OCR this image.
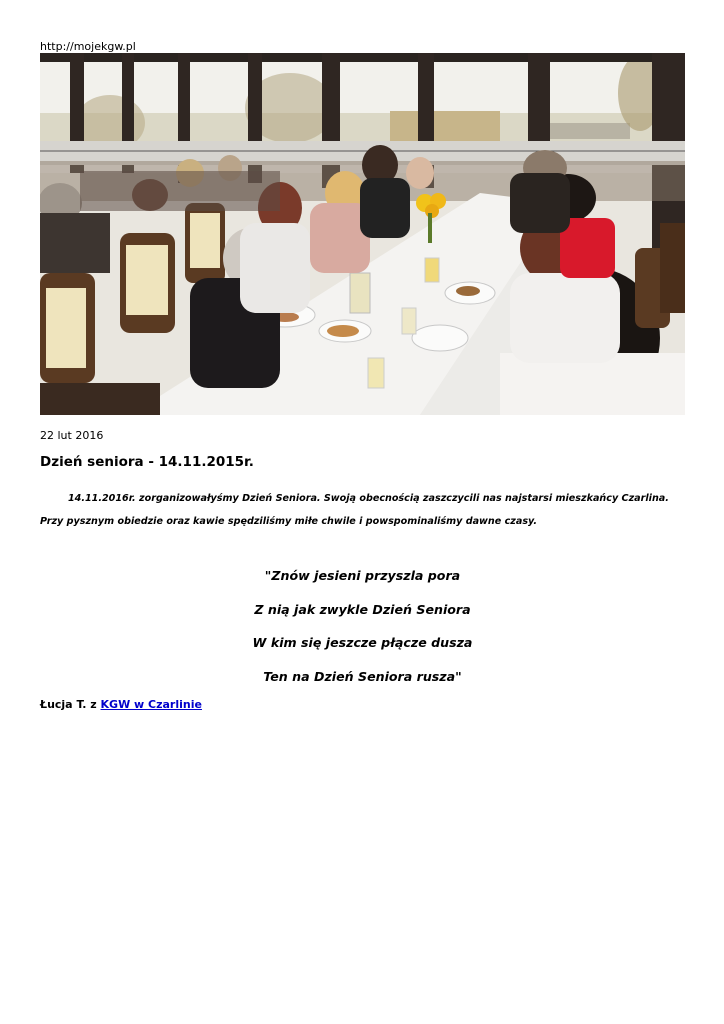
http://mojekgw.pl
22 lut 2016
Dzień seniora - 14.11.2015r.

14.11.2016r. zorganizowałyśmy Dzień Seniora. Swoją obecnością zaszczycili nas najstarsi mieszkańcy Czarlina.
Przy pysznym obiedzie oraz kawie spędziliśmy miłe chwile i powspominaliśmy dawne czasy.

"Znów jesieni przyszla pora
Z nią jak zwykle Dzień Seniora
W kim się jeszcze płącze dusza
Ten na Dzień Seniora rusza"
Łucja T. z KGW w Czarlinie
